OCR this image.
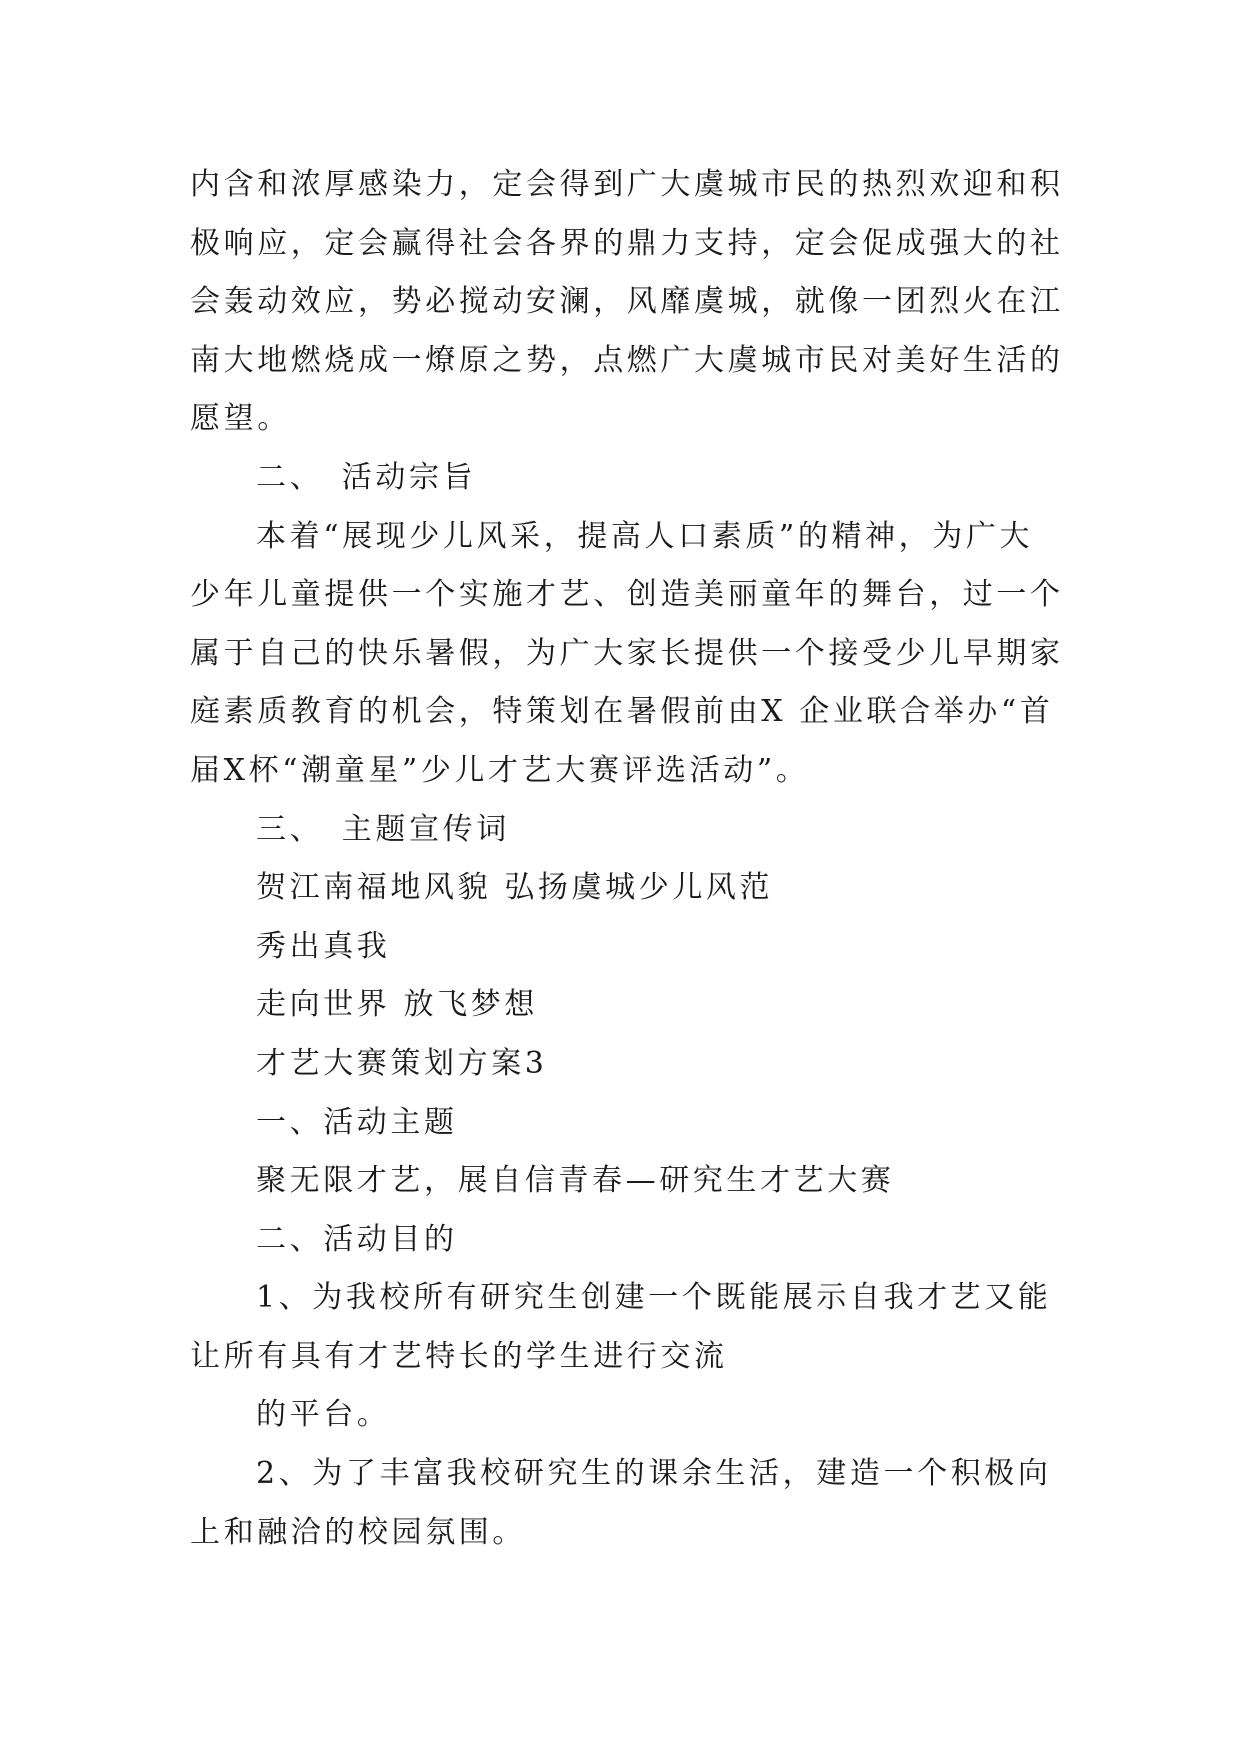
内含和浓厚感染力，定会得到广大虞城市民的热烈欢迎和积
极响应，定会赢得社会各界的鼎力支持，定会促成强大的社
会轰动效应，势必搅动安澜，风靡虞城，就像一团烈火在江
南大地燃烧成一燎原之势，点燃广大虞城市民对美好生活的
愿望。
二、　活动宗旨
本着“展现少儿风采，提高人口素质”的精神，为广大
少年儿童提供一个实施才艺、创造美丽童年的舞台，过一个
属于自己的快乐暑假，为广大家长提供一个接受少儿早期家
庭素质教育的机会，特策划在暑假前由X 企业联合举办“首
届X杯“潮童星”少儿才艺大赛评选活动”。
三、　主题宣传词
贺江南福地风貌 弘扬虞城少儿风范
秀出真我
走向世界 放飞梦想
才艺大赛策划方案3
一、活动主题
聚无限才艺，展自信青春—研究生才艺大赛
二、活动目的
1、为我校所有研究生创建一个既能展示自我才艺又能
让所有具有才艺特长的学生进行交流
的平台。
2、为了丰富我校研究生的课余生活，建造一个积极向
上和融洽的校园氛围。
